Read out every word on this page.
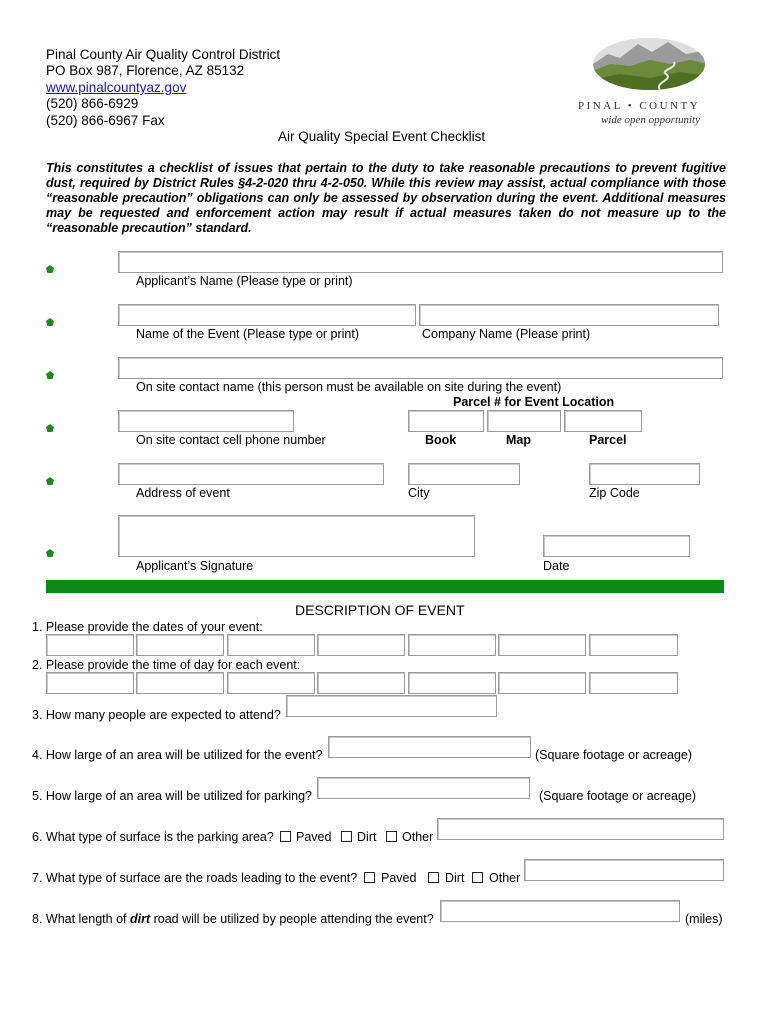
Pinal County Air Quality Control District
PO Box 987, Florence, AZ 85132
www.pinalcountyaz.gov
(520) 866-6929
(520) 866-6967 Fax
PINAL • COUNTY
wide open opportunity
Air Quality Special Event Checklist
This constitutes a checklist of issues that pertain to the duty to take reasonable precautions to prevent fugitive dust, required by District Rules §4-2-020 thru 4-2-050. While this review may assist, actual compliance with those “reasonable precaution” obligations can only be assessed by observation during the event. Additional measures may be requested and enforcement action may result if actual measures taken do not measure up to the “reasonable precaution” standard.
Applicant’s Name (Please type or print)
Name of the Event (Please type or print)	Company Name (Please print)
On site contact name (this person must be available on site during the event)
Parcel # for Event Location
On site contact cell phone number	Book	Map	Parcel
Address of event	City	Zip Code
Applicant’s Signature	Date
DESCRIPTION OF EVENT
1. Please provide the dates of your event:
2. Please provide the time of day for each event:
3. How many people are expected to attend?
4. How large of an area will be utilized for the event?	(Square footage or acreage)
5. How large of an area will be utilized for parking?	(Square footage or acreage)
6. What type of surface is the parking area? Paved Dirt Other
7. What type of surface are the roads leading to the event? Paved Dirt Other
8. What length of dirt road will be utilized by people attending the event?	(miles)
